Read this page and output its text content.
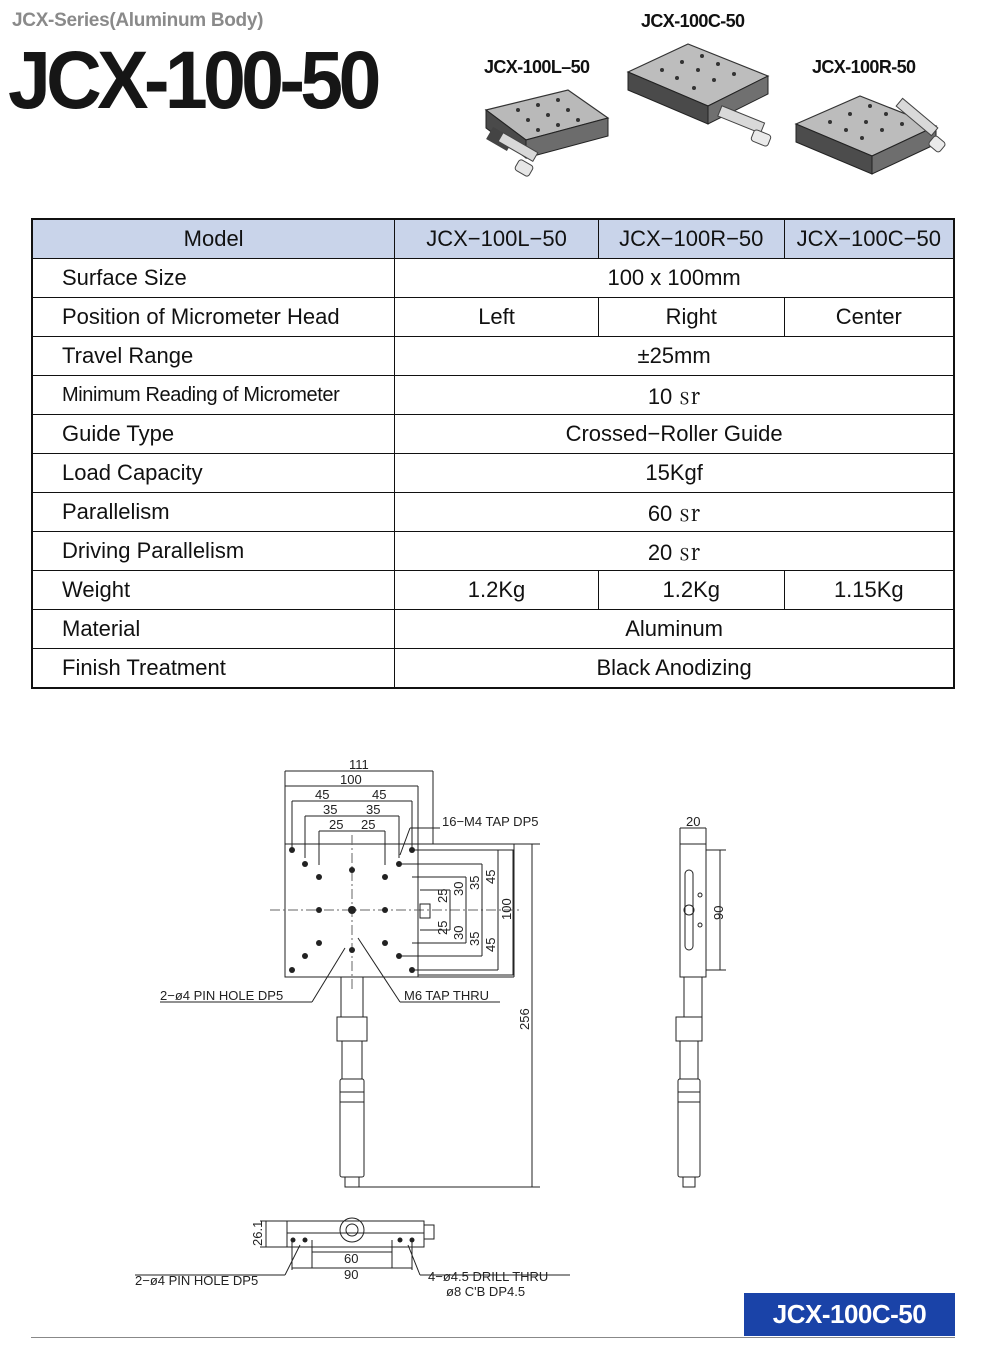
JCX-Series(Aluminum Body)
JCX-100-50	JCX-100L–50
JCX-100C-50
JCX-100R-50
Model	JCX−100L−50	JCX−100R−50	JCX−100C−50
Surface Size	100 x 100mm		
Position of Micrometer Head	Left	Right	Center
Travel Range	±25mm		
Minimum Reading of Micrometer	10 ㏛		
Guide Type	Crossed−Roller Guide		
Load Capacity	15Kgf		
Parallelism	60 ㏛		
Driving Parallelism	20 ㏛		
Weight	1.2Kg	1.2Kg	1.15Kg
Material	Aluminum		
Finish Treatment	Black Anodizing		
111
100
45	45
35 35
25 25	16−M4 TAP DP5
25 30 35 45
100
25 30 35 45
256
2−ø4 PIN HOLE DP5	M6 TAP THRU
20
90
26.1
60
90
2−ø4 PIN HOLE DP5	4−ø4.5 DRILL THRU
ø8 C'B DP4.5
JCX-100C-50
